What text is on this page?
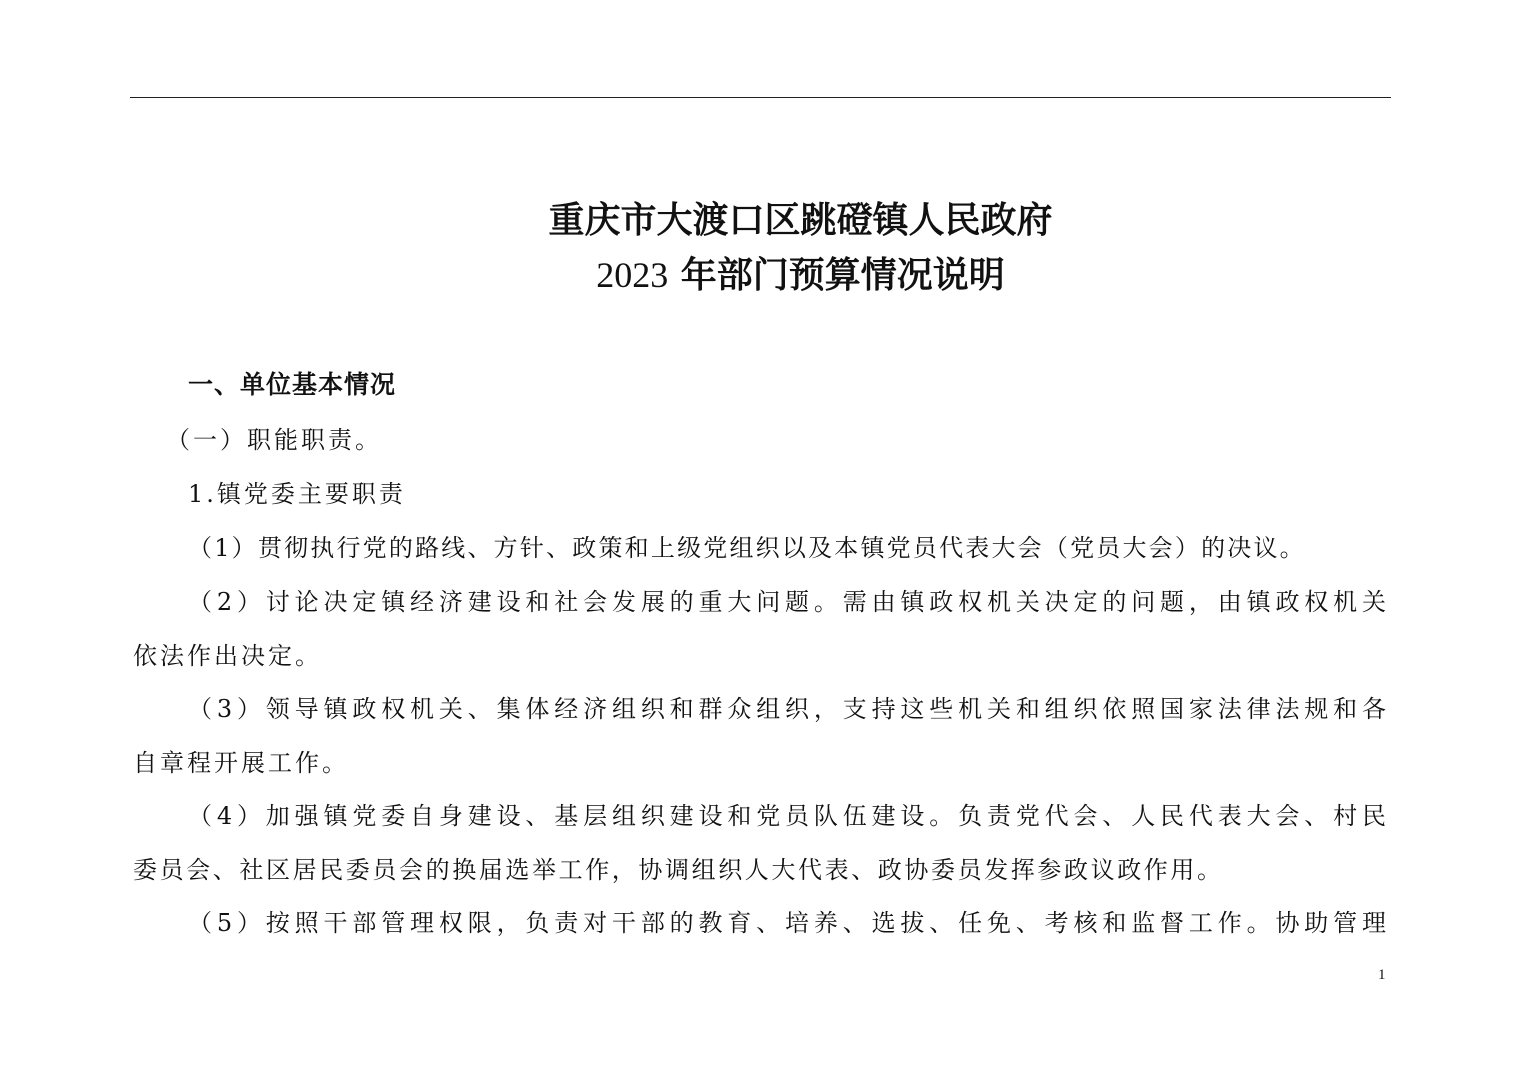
重庆市大渡口区跳磴镇人民政府
2023 年部门预算情况说明
一、单位基本情况
（一）职能职责。
1.镇党委主要职责
（1）贯彻执行党的路线、方针、政策和上级党组织以及本镇党员代表大会（党员大会）的决议。
（2）讨论决定镇经济建设和社会发展的重大问题。需由镇政权机关决定的问题，由镇政权机关
依法作出决定。
（3）领导镇政权机关、集体经济组织和群众组织，支持这些机关和组织依照国家法律法规和各
自章程开展工作。
（4）加强镇党委自身建设、基层组织建设和党员队伍建设。负责党代会、人民代表大会、村民
委员会、社区居民委员会的换届选举工作，协调组织人大代表、政协委员发挥参政议政作用。
（5）按照干部管理权限，负责对干部的教育、培养、选拔、任免、考核和监督工作。协助管理
1
